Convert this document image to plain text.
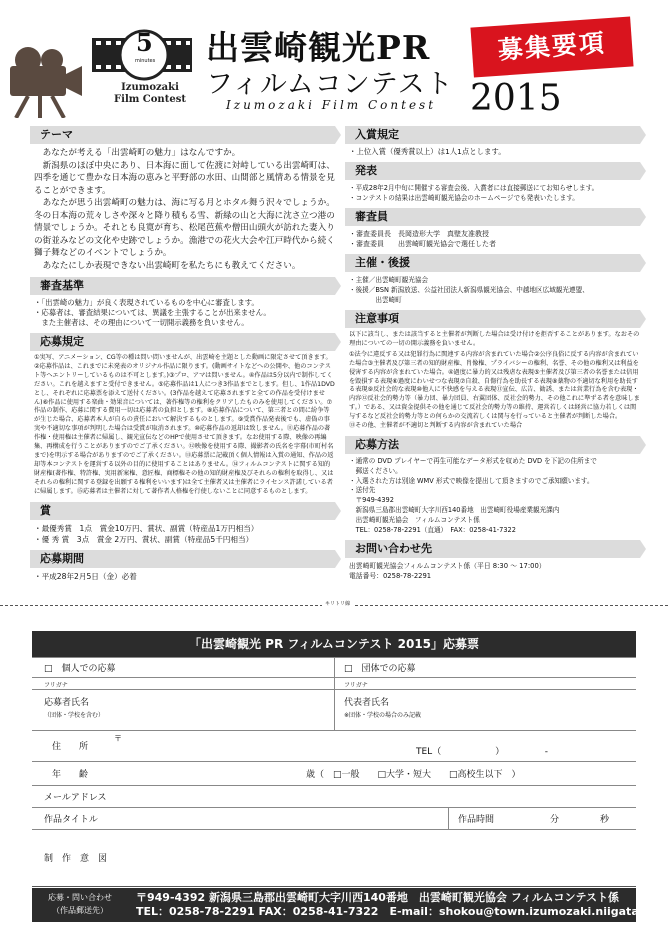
5
minutes
Izumozaki
Film Contest
出雲崎観光PR
フィルムコンテスト
Izumozaki Film Contest 2015
募集要項
テーマ

あなたが考える「出雲崎町の魅力」はなんですか。

新潟県のほぼ中央にあり、日本海に面して佐渡に対峙している出雲崎町は、四季を通じて豊かな日本海の恵みと平野部の水田、山間部と風情ある情景を見ることができます。

あなたが思う出雲崎町の魅力は、海に写る月とホタル舞う沢々でしょうか。冬の日本海の荒々しさや深々と降り積もる雪、新緑の山と大海に沈さ立つ港の情景でしょうか。それとも良寛が育ち、松尾芭蕉や僧田山頭火が訪れた妻入りの街並みなどの文化や史跡でしょうか。漁港での花火大会や江戸時代から続く獅子舞などのイベントでしょうか。

あなたにしか表現できない出雲崎町を私たちにも教えてください。

審査基準

・「出雲崎の魅力」が良く表現されているものを中心に審査します。

・応募者は、審査結果については、異議を主張することが出来ません。

　また主催者は、その理由について一切開示義務を負いません。

応募規定

①実写、アニメーション、CG等の種は問い問いませんが、出雲崎を主題とした動画に限定させて頂きます。②応募作品は、これまでに未発表のオリジナル作品に限ります。(動画サイトなどへの公開や、他のコンテスト等へエントリーしているものは不可とします。)③プロ、アマは問いません。④作品は5分以内で制作してください。これを越えますと受付できません。⑤応募作品は1人につき3作品までとします。但し、1作品1DVDとし、それぞれに応募票を添えて送付ください。(3作品を越えて応募されますと全ての作品を受付けません)⑥作品に使用する楽曲・効果音については、著作権等の権利をクリアしたものみを使用してください。⑦作品の制作、応募に関する費用一切は応募者の負担とします。⑧応募作品について、第三者との間に紛争等が生じた場合、応募者本人が自らの責任において解決するものとします。⑨受賞作品発表後でも、虚偽の事実や不適切な事項が判明した場合は受賞が取消されます。⑩応募作品の返却は致しません。⑪応募作品の著作権・使用権は主催者に帰属し、観光宣伝などのHPで使用させて頂きます。なお使用する際、映像の再編集、再構成を行うことがありますのでご了承ください。⑫映像を使用する際、撮影者の氏名を字幕(市町村名まで)を明示する場合がありますのでご了承ください。⑬応募票に記載頂く個人情報は入賞の通知、作品の返却等本コンテストを運営する以外の目的に使用することはありません。⑭フィルムコンテストに関する知的財産権(著作権、特許権、実用新案権、意匠権、商標権その他の知的財産権及びそれらの権利を取得し、又はそれらの権利に関する登録を出願する権利をいいます)は全て主催者又は主催者にライセンス許諾している者に帰属します。⑮応募者は主催者に対して著作者人格権を行使しないことに同意するものとします。

賞

・最優秀賞　1点　賞金10万円、賞状、副賞（特産品1万円相当）

・優 秀 賞　3点　賞金 2万円、賞状、副賞（特産品5千円相当）

応募期間

・平成28年2月5日（金）必着

入賞規定

・上位入賞（優秀賞以上）は1人1点とします。

発表

・平成28年2月中旬に開催する審査会後、入賞者には直接郵送にてお知らせします。

・コンテストの結果は出雲崎町観光協会のホームページでも発表いたします。

審査員

・審査委員長　長岡造形大学　真壁友准教授

・審査委員　　出雲崎町観光協会で選任した者

主催・後援

・主催／出雲崎町観光協会

・後援／BSN 新潟放送、公益社団法人新潟県観光協会、中越地区広域観光連盟、

　　　　出雲崎町

注意事項

以下に該当し、または該当すると主催者が判断した場合は受け付けを拒否することがあります。なおその理由についての一切の開示義務を負いません。

①法令に違反する又は犯罪行為に関連する内容が含まれていた場合②公序良俗に反する内容が含まれていた場合③主催者及び第三者の知的財産権、肖像権、プライバシーの権利、名誉、その他の権利又は利益を侵害する内容が含まれていた場合。④過度に暴力的又は残虐な表現⑤主催者及び第三者の名誉または信用を毀損する表現⑥過度にわいせつな表現⑦自殺、自傷行為を助長する表現⑧薬物の不適切な利用を助長する表現⑨反社会的な表現⑩他人に不快感を与える表現⑪宣伝、広告、勧誘、または営業行為を含む表現・内容⑫反社会的勢力等（暴力団、暴力団員、右翼団体、反社会的勢力、その他これに準ずる者を意味します。）である、又は資金提供その他を通じて反社会的勢力等の維持、運営若しくは経営に協力若しくは関与するなど反社会的勢力等との何らかの交流若しくは関与を行っていると主催者が判断した場合。

⑬その他、主催者が不適切と判断する内容が含まれていた場合

応募方法

・通常の DVD プレイヤーで再生可能なデータ形式を収めた DVD を下記の住所まで

　郵送ください。

・入選された方は別途 WMV 形式で映像を提出して頂きますのでご承知願います。

・送付先

　〒949-4392

　新潟県三島郡出雲崎町大字川西140番地　出雲崎町役場産業観光課内

　出雲崎町観光協会　フィルムコンテスト係

　TEL：0258-78-2291（直通）　FAX：0258-41-7322

お問い合わせ先

出雲崎町観光協会フィルムコンテスト係（平日 8:30 ～ 17:00）

電話番号：0258-78-2291

キリトリ線
「出雲崎観光 PR フィルムコンテスト 2015」応募票
□　個人での応募	□　団体での応募
フリガナ	フリガナ
応募者氏名
（団体・学校を含む）
代表者氏名
※団体・学校の場合のみ記載
住　　所
〒
TEL（　　　　　　）　　　　　-
年　　齢	歳（　□一般　　□大学・短大　　□高校生以下　）
メールアドレス
作品タイトル	作品時間	分	秒
制　作　意　図
応募・問い合わせ
（作品郵送先）
〒949-4392 新潟県三島郡出雲崎町大字川西140番地　出雲崎町観光協会 フィルムコンテスト係
TEL：0258-78-2291 FAX：0258-41-7322　E-mail：shokou@town.izumozaki.niigata.jp
